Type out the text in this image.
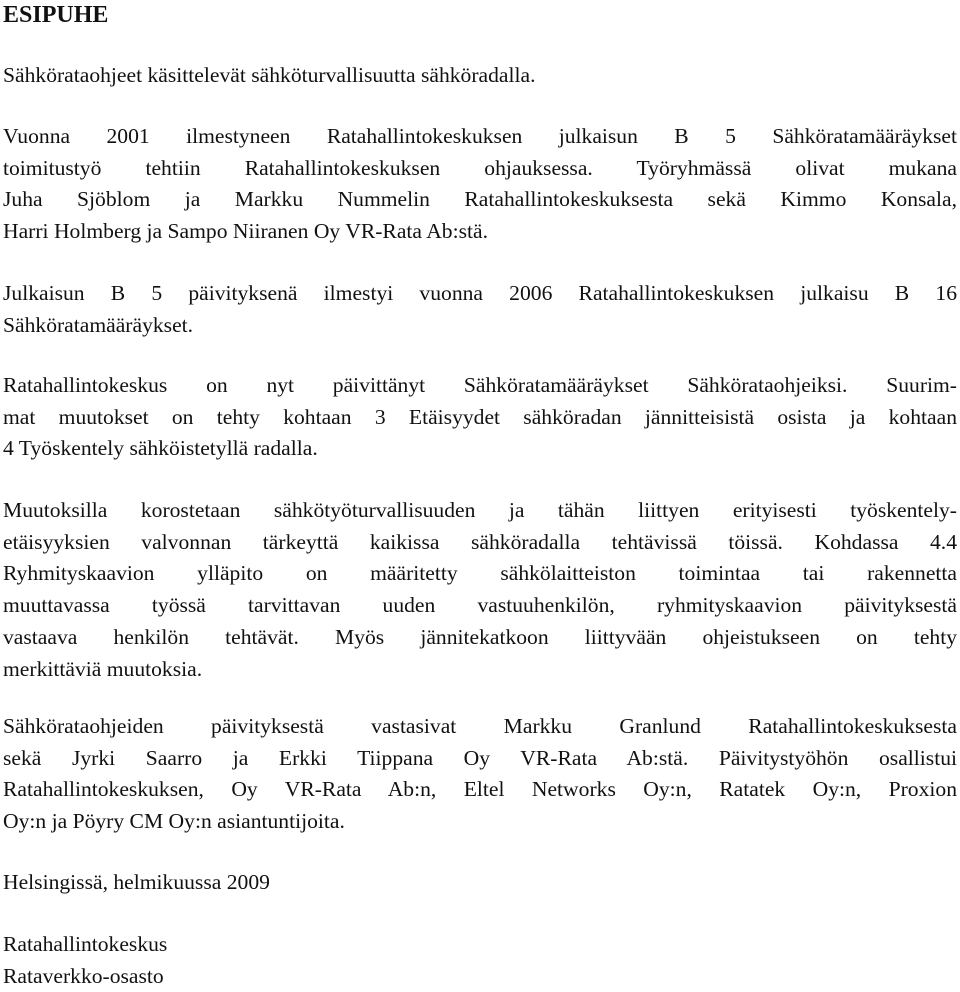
ESIPUHE
Sähkörataohjeet käsittelevät sähköturvallisuutta sähköradalla.
Vuonna 2001 ilmestyneen Ratahallintokeskuksen julkaisun B 5 Sähköratamääräykset
toimitustyö tehtiin Ratahallintokeskuksen ohjauksessa. Työryhmässä olivat mukana
Juha Sjöblom ja Markku Nummelin Ratahallintokeskuksesta sekä Kimmo Konsala,
Harri Holmberg ja Sampo Niiranen Oy VR-Rata Ab:stä.
Julkaisun B 5 päivityksenä ilmestyi vuonna 2006 Ratahallintokeskuksen julkaisu B 16
Sähköratamääräykset.
Ratahallintokeskus on nyt päivittänyt Sähköratamääräykset Sähkörataohjeiksi. Suurim-
mat muutokset on tehty kohtaan 3 Etäisyydet sähköradan jännitteisistä osista ja kohtaan
4 Työskentely sähköistetyllä radalla.
Muutoksilla korostetaan sähkötyöturvallisuuden ja tähän liittyen erityisesti työskentely-
etäisyyksien valvonnan tärkeyttä kaikissa sähköradalla tehtävissä töissä. Kohdassa 4.4
Ryhmityskaavion ylläpito on määritetty sähkölaitteiston toimintaa tai rakennetta
muuttavassa työssä tarvittavan uuden vastuuhenkilön, ryhmityskaavion päivityksestä
vastaava henkilön tehtävät. Myös jännitekatkoon liittyvään ohjeistukseen on tehty
merkittäviä muutoksia.
Sähkörataohjeiden päivityksestä vastasivat Markku Granlund Ratahallintokeskuksesta
sekä Jyrki Saarro ja Erkki Tiippana Oy VR-Rata Ab:stä. Päivitystyöhön osallistui
Ratahallintokeskuksen, Oy VR-Rata Ab:n, Eltel Networks Oy:n, Ratatek Oy:n, Proxion
Oy:n ja Pöyry CM Oy:n asiantuntijoita.
Helsingissä, helmikuussa 2009
Ratahallintokeskus
Rataverkko-osasto
